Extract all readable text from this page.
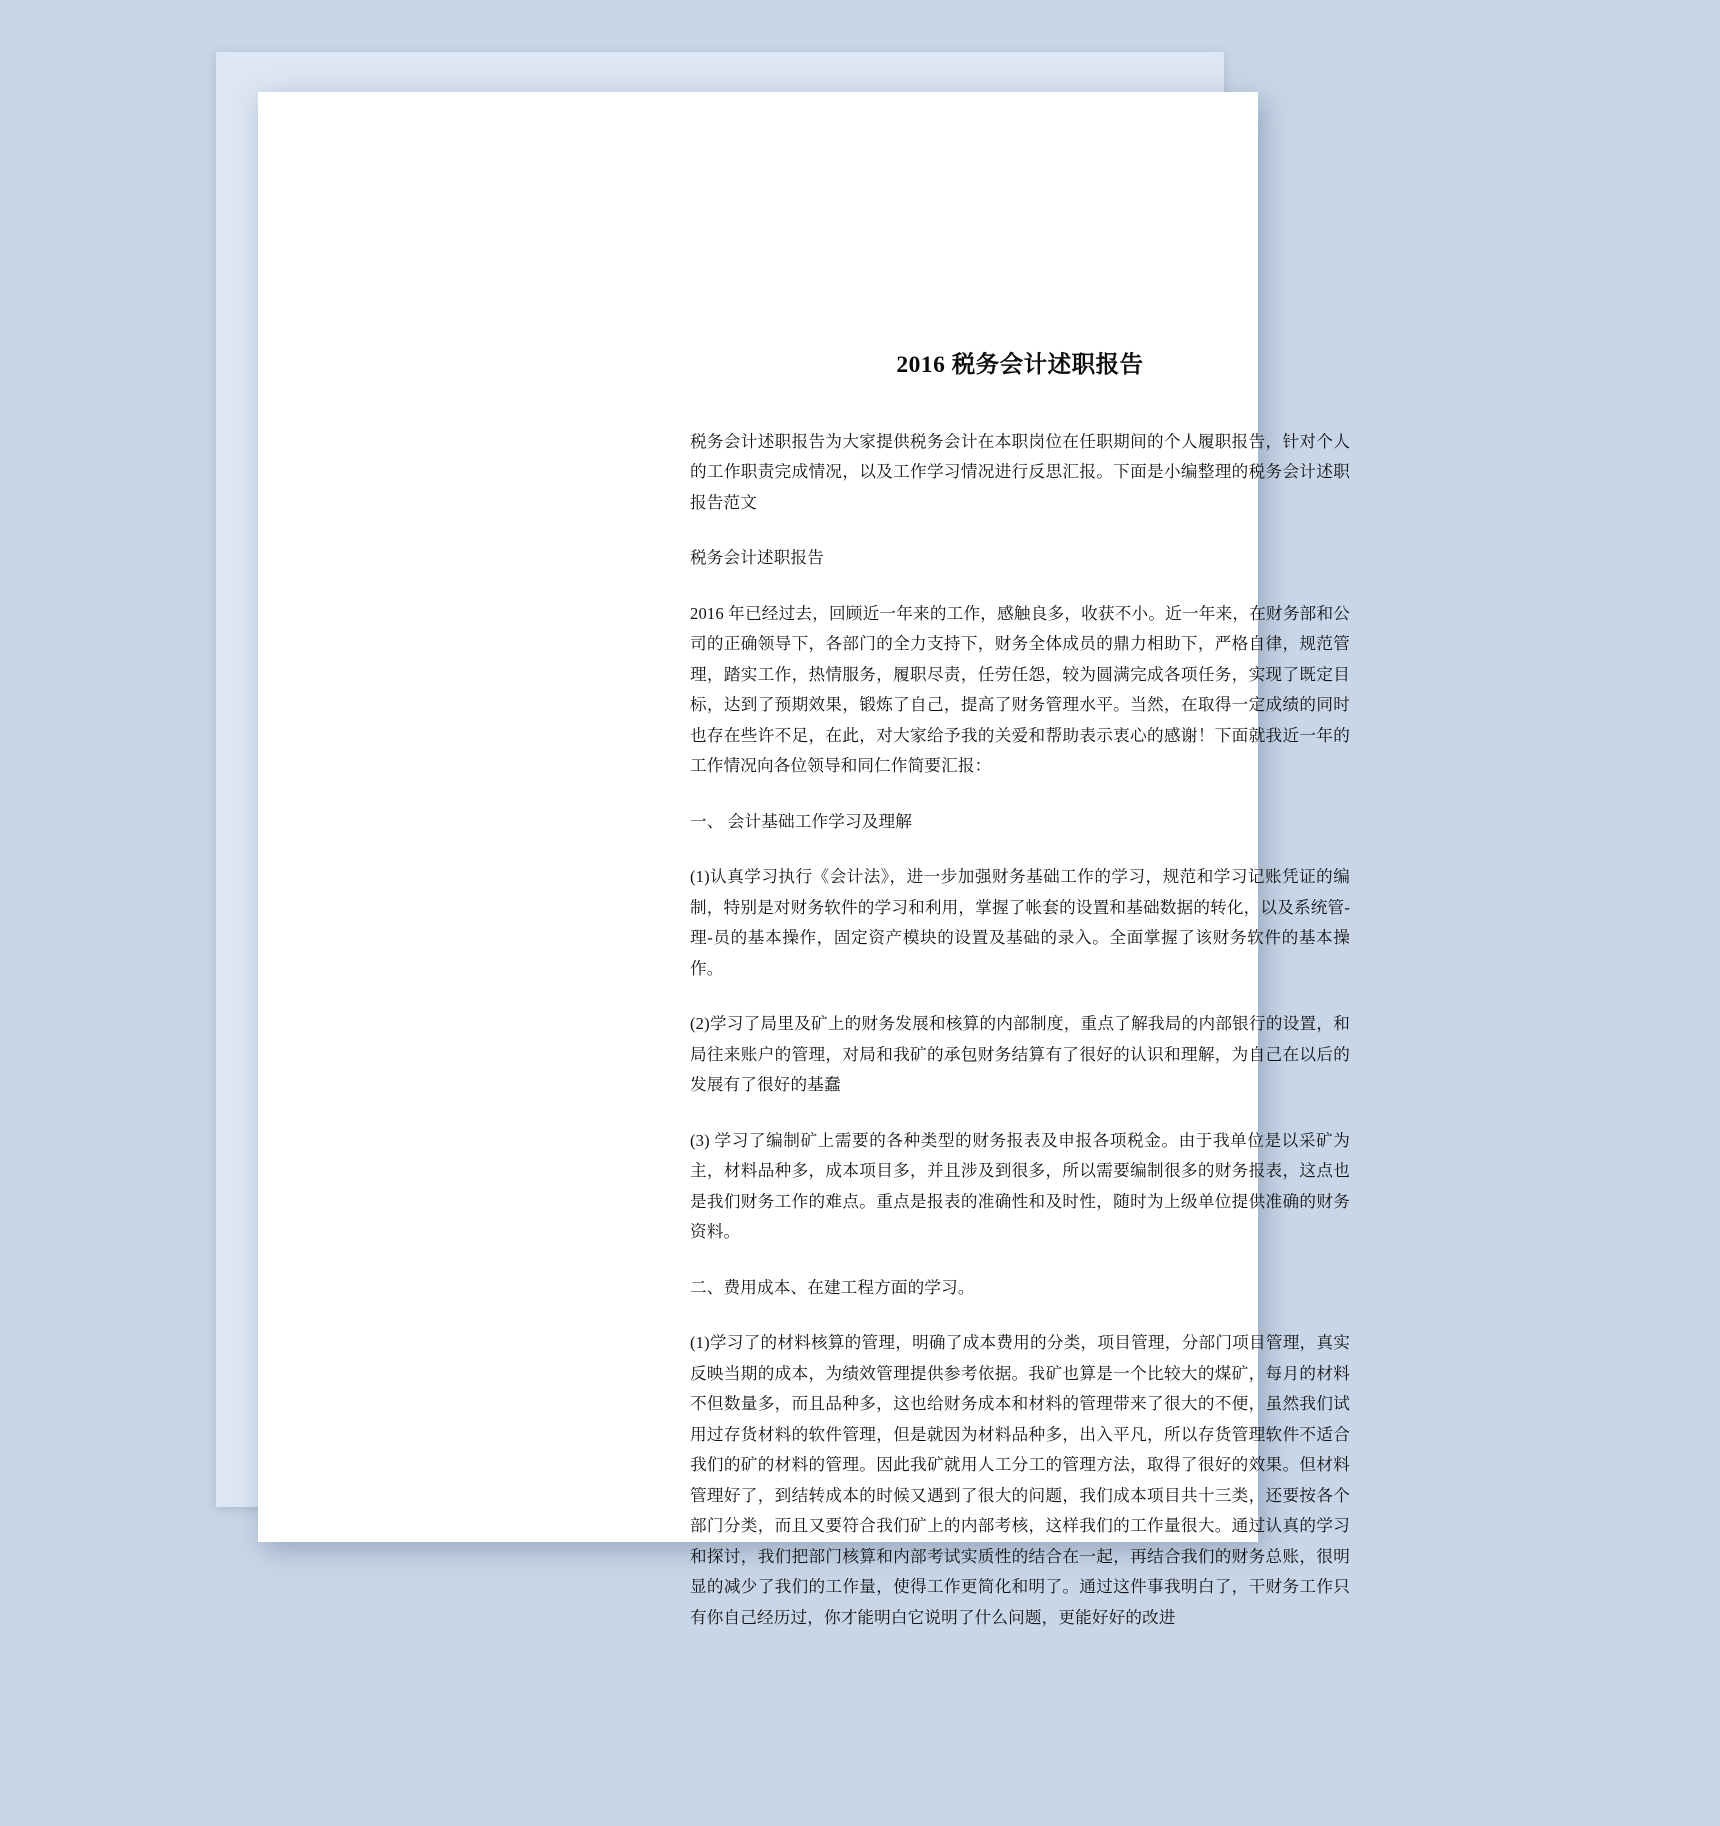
2016 税务会计述职报告

税务会计述职报告为大家提供税务会计在本职岗位在任职期间的个人履职报告，针对个人的工作职责完成情况，以及工作学习情况进行反思汇报。下面是小编整理的税务会计述职报告范文

税务会计述职报告

2016 年已经过去，回顾近一年来的工作，感触良多，收获不小。近一年来，在财务部和公司的正确领导下，各部门的全力支持下，财务全体成员的鼎力相助下，严格自律，规范管理，踏实工作，热情服务，履职尽责，任劳任怨，较为圆满完成各项任务，实现了既定目标，达到了预期效果，锻炼了自己，提高了财务管理水平。当然，在取得一定成绩的同时也存在些许不足，在此，对大家给予我的关爱和帮助表示衷心的感谢！下面就我近一年的工作情况向各位领导和同仁作简要汇报：

一、 会计基础工作学习及理解

(1)认真学习执行《会计法》，进一步加强财务基础工作的学习，规范和学习记账凭证的编制，特别是对财务软件的学习和利用，掌握了帐套的设置和基础数据的转化，以及系统管-理-员的基本操作，固定资产模块的设置及基础的录入。全面掌握了该财务软件的基本操作。

(2)学习了局里及矿上的财务发展和核算的内部制度，重点了解我局的内部银行的设置，和局往来账户的管理，对局和我矿的承包财务结算有了很好的认识和理解，为自己在以后的发展有了很好的基蠢

(3) 学习了编制矿上需要的各种类型的财务报表及申报各项税金。由于我单位是以采矿为主，材料品种多，成本项目多，并且涉及到很多，所以需要编制很多的财务报表，这点也是我们财务工作的难点。重点是报表的准确性和及时性，随时为上级单位提供准确的财务资料。

二、费用成本、在建工程方面的学习。

(1)学习了的材料核算的管理，明确了成本费用的分类，项目管理，分部门项目管理，真实反映当期的成本，为绩效管理提供参考依据。我矿也算是一个比较大的煤矿，每月的材料不但数量多，而且品种多，这也给财务成本和材料的管理带来了很大的不便，虽然我们试用过存货材料的软件管理，但是就因为材料品种多，出入平凡，所以存货管理软件不适合我们的矿的材料的管理。因此我矿就用人工分工的管理方法，取得了很好的效果。但材料管理好了，到结转成本的时候又遇到了很大的问题，我们成本项目共十三类，还要按各个部门分类，而且又要符合我们矿上的内部考核，这样我们的工作量很大。通过认真的学习和探讨，我们把部门核算和内部考试实质性的结合在一起，再结合我们的财务总账，很明显的减少了我们的工作量，使得工作更简化和明了。通过这件事我明白了，干财务工作只有你自己经历过，你才能明白它说明了什么问题，更能好好的改进
